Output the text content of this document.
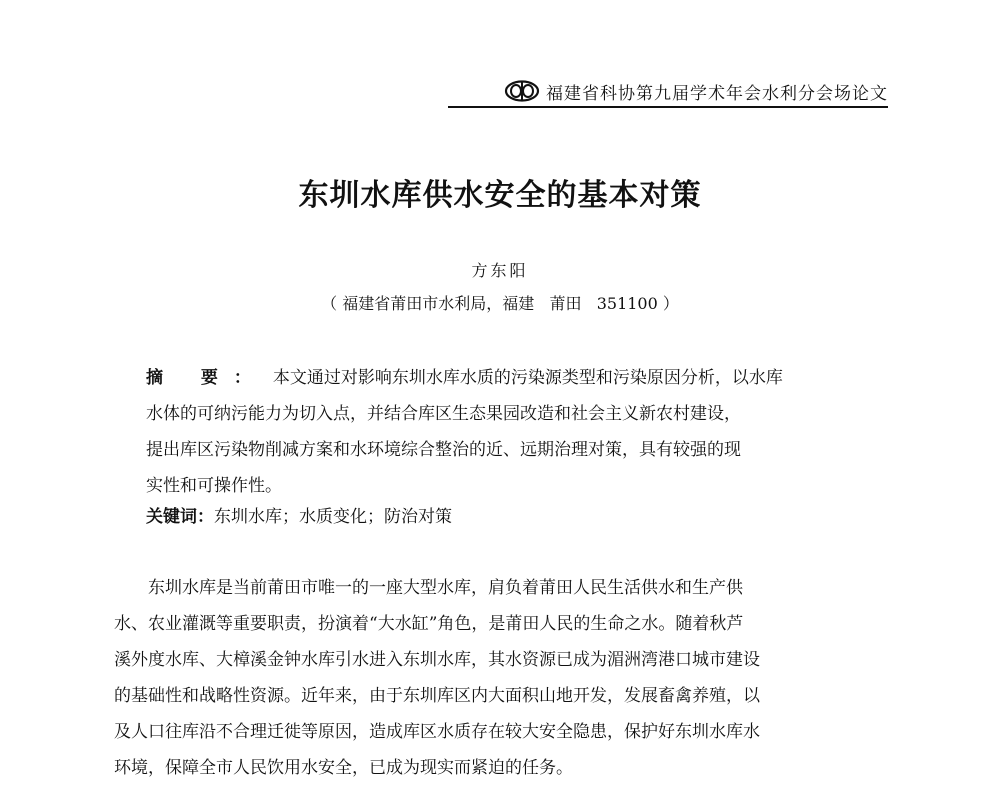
福建省科协第九届学术年会水利分会场论文
东圳水库供水安全的基本对策
方东阳
（ 福建省莆田市水利局，福建   莆田   351100 ）
摘 要： 本文通过对影响东圳水库水质的污染源类型和污染原因分析，以水库
水体的可纳污能力为切入点，并结合库区生态果园改造和社会主义新农村建设，
提出库区污染物削减方案和水环境综合整治的近、远期治理对策，具有较强的现
实性和可操作性。
关键词：东圳水库；水质变化；防治对策
东圳水库是当前莆田市唯一的一座大型水库，肩负着莆田人民生活供水和生产供
水、农业灌溉等重要职责，扮演着“大水缸”角色，是莆田人民的生命之水。随着秋芦
溪外度水库、大樟溪金钟水库引水进入东圳水库，其水资源已成为湄洲湾港口城市建设
的基础性和战略性资源。近年来，由于东圳库区内大面积山地开发，发展畜禽养殖，以
及人口往库沿不合理迁徙等原因，造成库区水质存在较大安全隐患，保护好东圳水库水
环境，保障全市人民饮用水安全，已成为现实而紧迫的任务。
